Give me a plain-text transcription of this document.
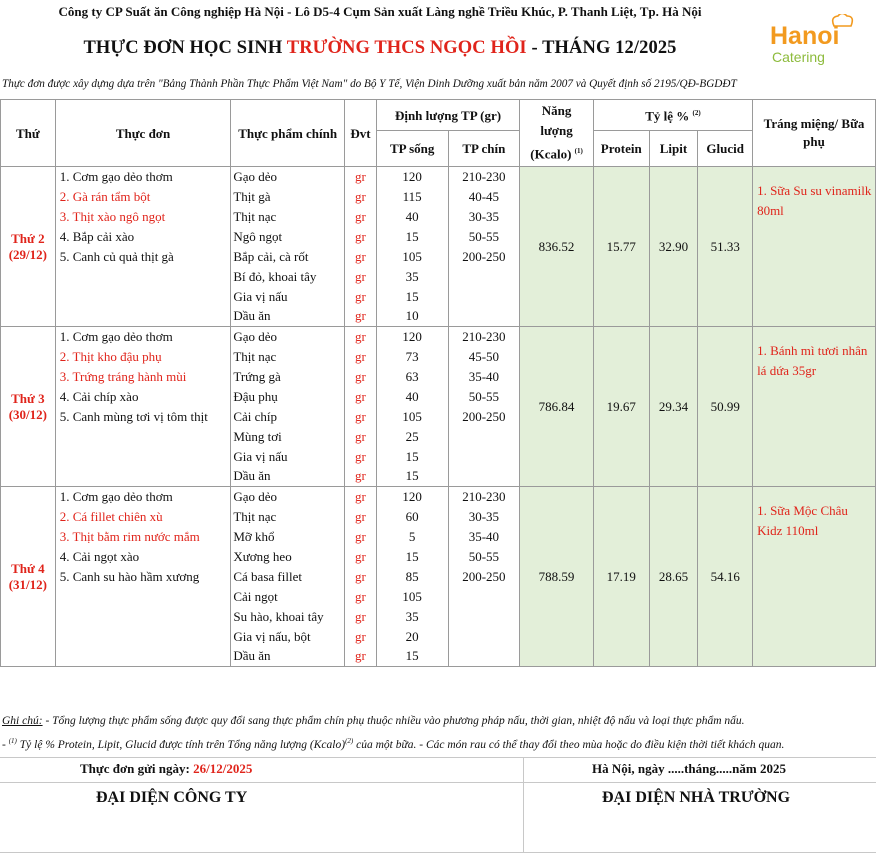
Công ty CP Suất ăn Công nghiệp Hà Nội - Lô D5-4 Cụm Sản xuất Làng nghề Triều Khúc, P. Thanh Liệt, Tp. Hà Nội
THỰC ĐƠN HỌC SINH TRƯỜNG THCS NGỌC HỒI - THÁNG 12/2025	Hanoi
Catering
Thực đơn được xây dựng dựa trên "Bảng Thành Phần Thực Phẩm Việt Nam" do Bộ Y Tế, Viện Dinh Dưỡng xuất bản năm 2007 và Quyết định số 2195/QĐ-BGDĐT
Thứ	Thực đơn	Thực phẩm chính	Đvt	Định lượng TP (gr)		Năng lượng
(Kcalo) $^{(1)}$	Tỷ lệ % $^{(2)}$			Tráng miệng/ Bữa phụ
				TP sống	TP chín		Protein	Lipit	Glucid	

Thứ 2
(29/12)	1. Cơm gạo dẻo thơm	Gạo dẻo	gr	120	210-230	836.52	15.77	32.90	51.33	1. Sữa Su su vinamilk 80ml
	2. Gà rán tẩm bột	Thịt gà	gr	115	40-45					
	3. Thịt xào ngô ngọt	Thịt nạc	gr	40	30-35					
	4. Bắp cải xào	Ngô ngọt	gr	15	50-55					
	5. Canh củ quả thịt gà	Bắp cải, cà rốt	gr	105	200-250					
		Bí đỏ, khoai tây	gr	35						
		Gia vị nấu	gr	15						
		Dầu ăn	gr	10						

Thứ 3
(30/12)	1. Cơm gạo dẻo thơm	Gạo dẻo	gr	120	210-230	786.84	19.67	29.34	50.99	1. Bánh mì tươi nhân lá dứa 35gr
	2. Thịt kho đậu phụ	Thịt nạc	gr	73	45-50					
	3. Trứng tráng hành mùi	Trứng gà	gr	63	35-40					
	4. Cải chíp xào	Đậu phụ	gr	40	50-55					
	5. Canh mùng tơi vị tôm thịt	Cải chíp	gr	105	200-250					
		Mùng tơi	gr	25						
		Gia vị nấu	gr	15						
		Dầu ăn	gr	15						

Thứ 4
(31/12)	1. Cơm gạo dẻo thơm	Gạo dẻo	gr	120	210-230	788.59	17.19	28.65	54.16	1. Sữa Mộc Châu Kidz 110ml
	2. Cá fillet chiên xù	Thịt nạc	gr	60	30-35					
	3. Thịt bằm rim nước mắm	Mỡ khổ	gr	5	35-40					
	4. Cải ngọt xào	Xương heo	gr	15	50-55					
	5. Canh su hào hầm xương	Cá basa fillet	gr	85	200-250					
		Cải ngọt	gr	105						
		Su hào, khoai tây	gr	35						
		Gia vị nấu, bột	gr	20						
		Dầu ăn	gr	15						
Ghi chú: - Tổng lượng thực phẩm sống được quy đổi sang thực phẩm chín phụ thuộc nhiều vào phương pháp nấu, thời gian, nhiệt độ nấu và loại thực phẩm nấu.
- $^{(1)}$ Tỷ lệ % Protein, Lipit, Glucid được tính trên Tổng năng lượng (Kcalo)$^{(2)}$ của một bữa. - Các món rau có thể thay đổi theo mùa hoặc do điều kiện thời tiết khách quan.
Thực đơn gửi ngày: 26/12/2025	Hà Nội, ngày .....tháng.....năm 2025
ĐẠI DIỆN CÔNG TY	ĐẠI DIỆN NHÀ TRƯỜNG
